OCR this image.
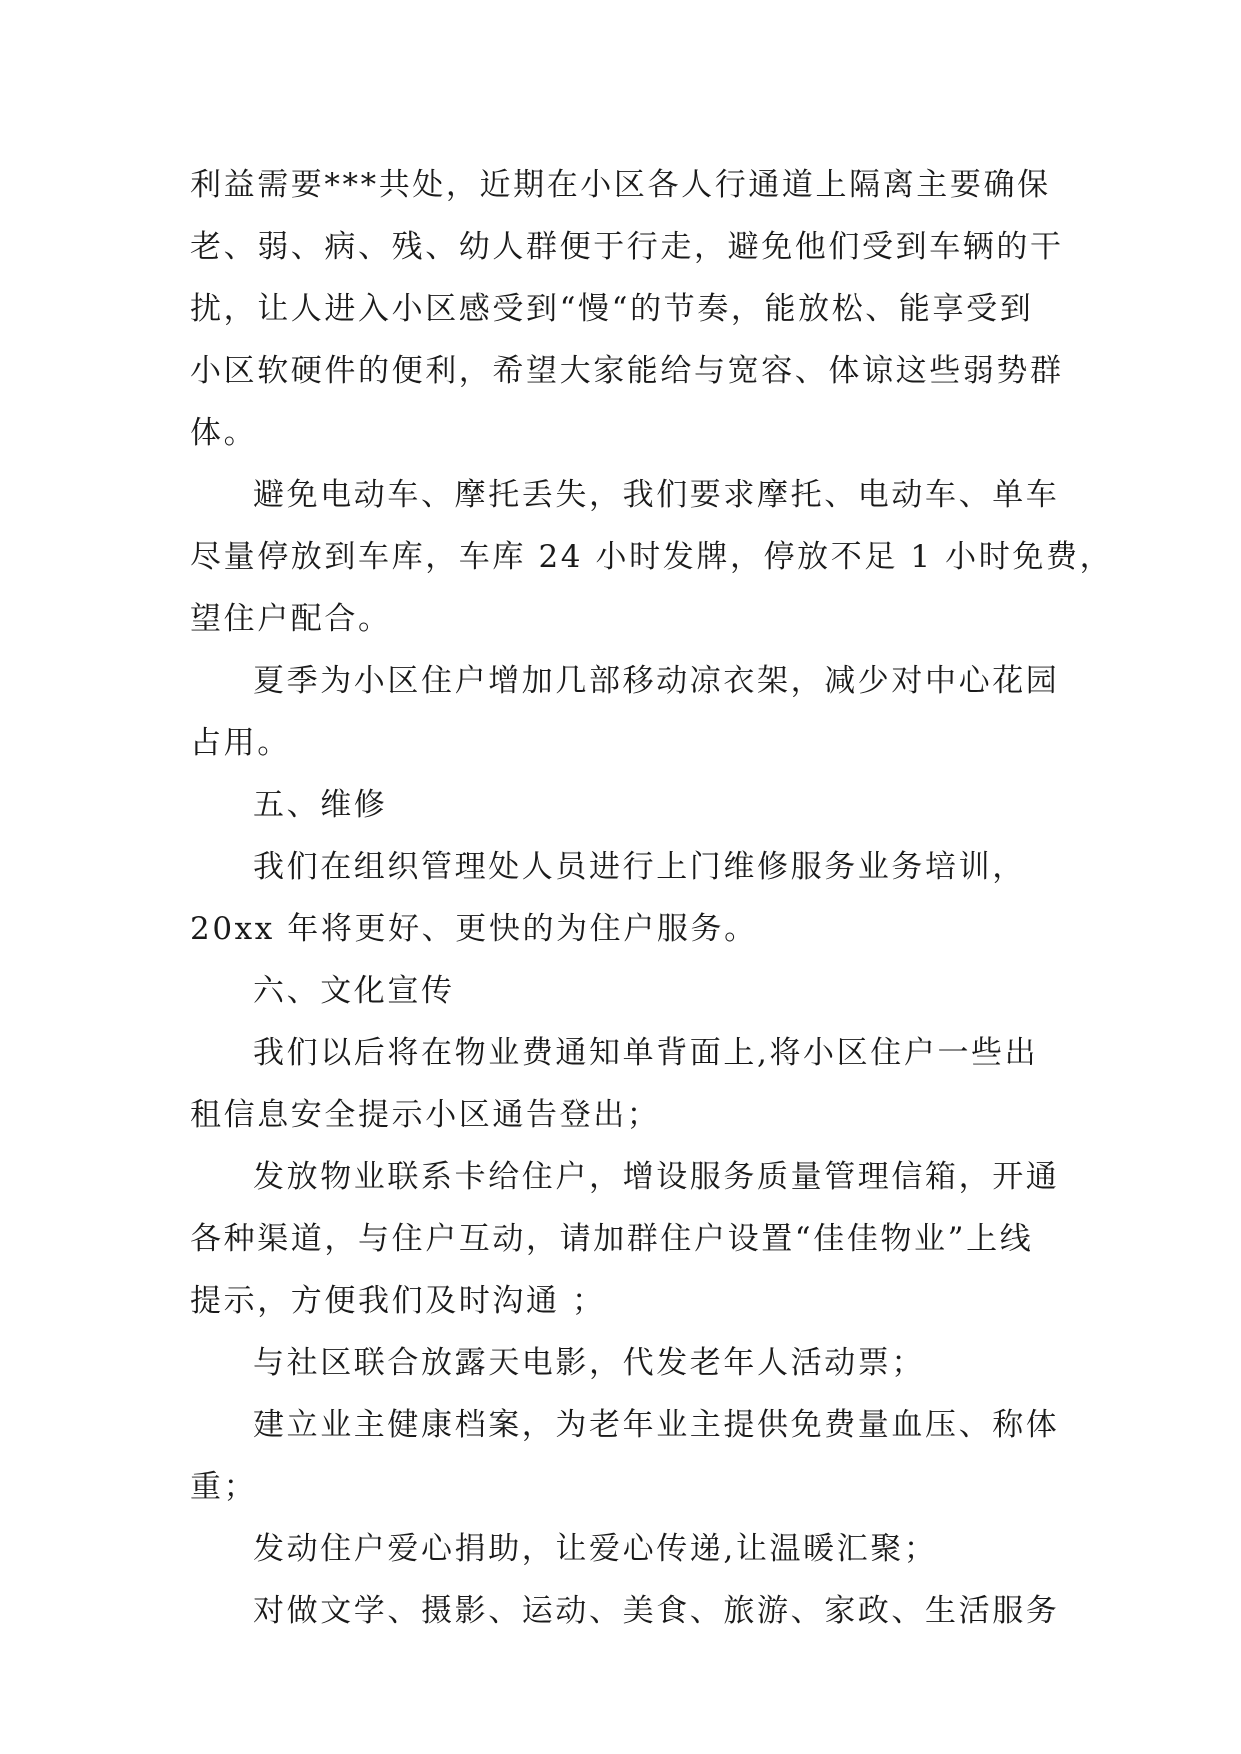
利益需要***共处，近期在小区各人行通道上隔离主要确保
老、弱、病、残、幼人群便于行走，避免他们受到车辆的干
扰，让人进入小区感受到“慢“的节奏，能放松、能享受到
小区软硬件的便利，希望大家能给与宽容、体谅这些弱势群
体。
避免电动车、摩托丢失，我们要求摩托、电动车、单车
尽量停放到车库，车库 24 小时发牌，停放不足 1 小时免费，
望住户配合。
夏季为小区住户增加几部移动凉衣架，减少对中心花园
占用。
五、维修
我们在组织管理处人员进行上门维修服务业务培训，
20xx 年将更好、更快的为住户服务。
六、文化宣传
我们以后将在物业费通知单背面上,将小区住户一些出
租信息安全提示小区通告登出；
发放物业联系卡给住户，增设服务质量管理信箱，开通
各种渠道，与住户互动，请加群住户设置“佳佳物业”上线
提示，方便我们及时沟通 ；
与社区联合放露天电影，代发老年人活动票；
建立业主健康档案，为老年业主提供免费量血压、称体
重；
发动住户爱心捐助，让爱心传递,让温暖汇聚；
对做文学、摄影、运动、美食、旅游、家政、生活服务
